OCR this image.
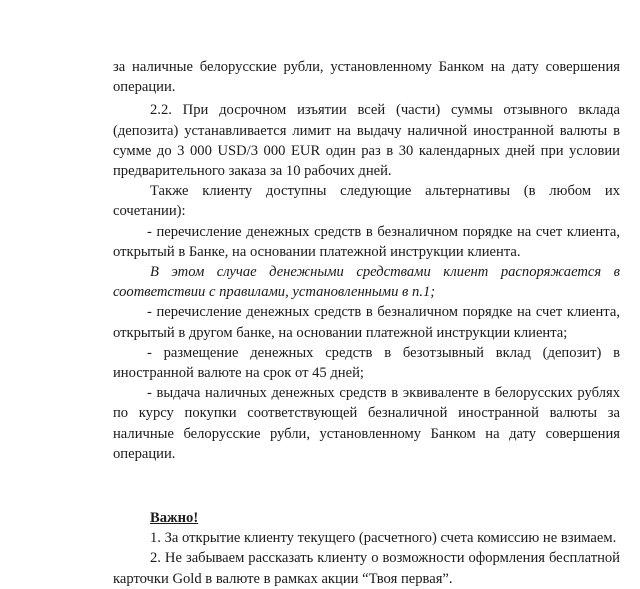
за наличные белорусские рубли, установленному Банком на дату совершения операции.

2.2. При досрочном изъятии всей (части) суммы отзывного вклада (депозита) устанавливается лимит на выдачу наличной иностранной валюты в сумме до 3 000 USD/3 000 EUR один раз в 30 календарных дней при условии предварительного заказа за 10 рабочих дней.

Также клиенту доступны следующие альтернативы (в любом их сочетании):

- перечисление денежных средств в безналичном порядке на счет клиента, открытый в Банке, на основании платежной инструкции клиента.

В этом случае денежными средствами клиент распоряжается в соответствии с правилами, установленными в п.1;

- перечисление денежных средств в безналичном порядке на счет клиента, открытый в другом банке, на основании платежной инструкции клиента;

- размещение денежных средств в безотзывный вклад (депозит) в иностранной валюте на срок от 45 дней;

- выдача наличных денежных средств в эквиваленте в белорусских рублях по курсу покупки соответствующей безналичной иностранной валюты за наличные белорусские рубли, установленному Банком на дату совершения операции.

Важно!

1. За открытие клиенту текущего (расчетного) счета комиссию не взимаем.

2. Не забываем рассказать клиенту о возможности оформления бесплатной карточки Gold в валюте в рамках акции “Твоя первая”.
